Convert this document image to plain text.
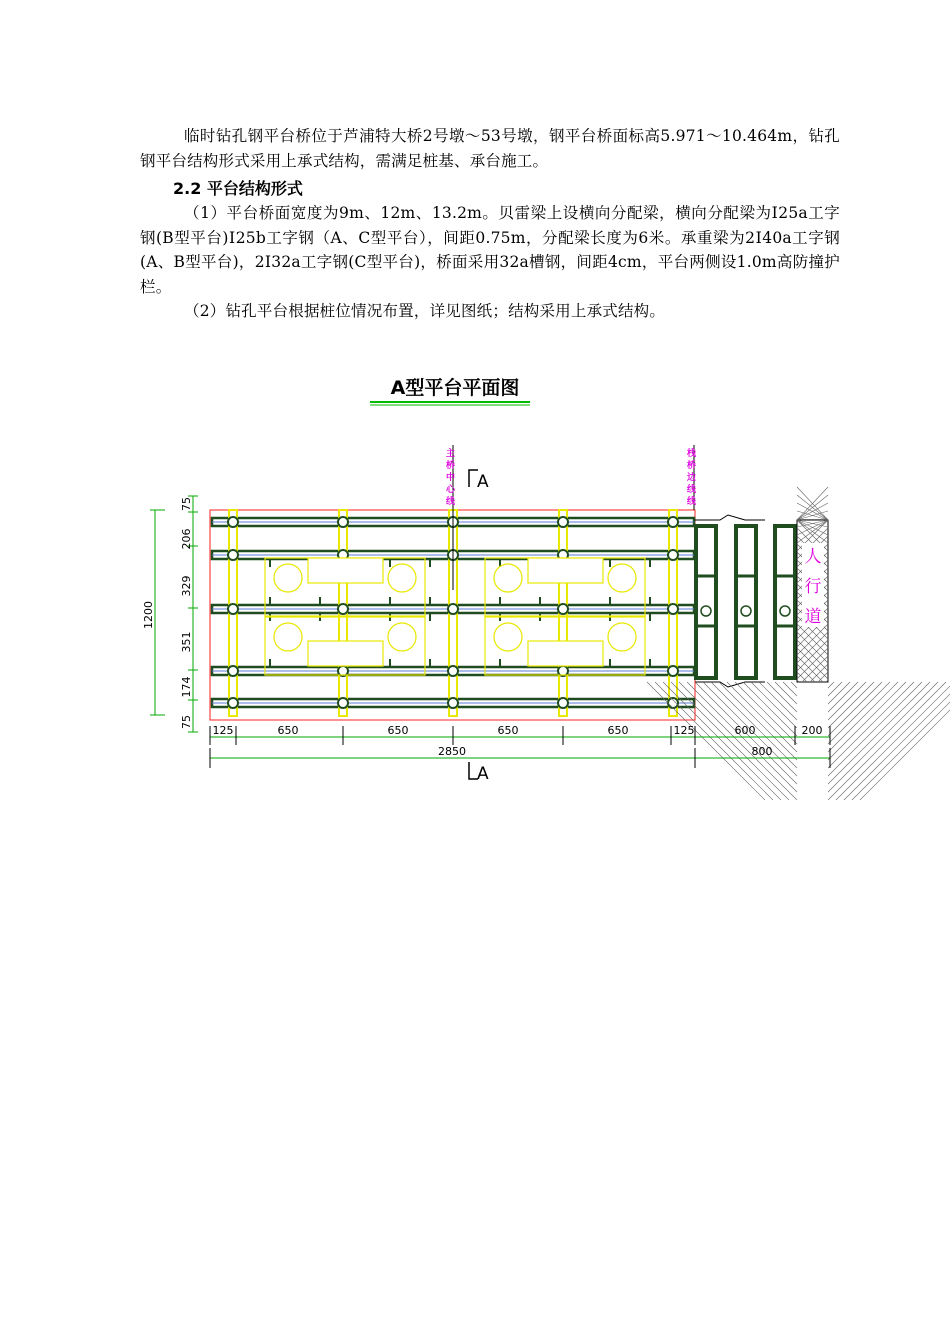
临时钻孔钢平台桥位于芦浦特大桥2号墩～53号墩，钢平台桥面标高5.971～10.464m，钻孔钢平台结构形式采用上承式结构，需满足桩基、承台施工。

2.2 平台结构形式

（1）平台桥面宽度为9m、12m、13.2m。贝雷梁上设横向分配梁，横向分配梁为Ⅰ25a工字钢(B型平台)Ⅰ25b工字钢（A、C型平台），间距0.75m，分配梁长度为6米。承重梁为2Ⅰ40a工字钢(A、B型平台)，2Ⅰ32a工字钢(C型平台)，桥面采用32a槽钢，间距4cm，平台两侧设1.0m高防撞护栏。

（2）钻孔平台根据桩位情况布置，详见图纸；结构采用上承式结构。

A型平台平面图
人
行
道
主
桥
中
心
线
栈
桥
边
线
线
A
A
1200
75
206
329
351
174
75
125	650	650	650	650	125	600	200
2850	800
